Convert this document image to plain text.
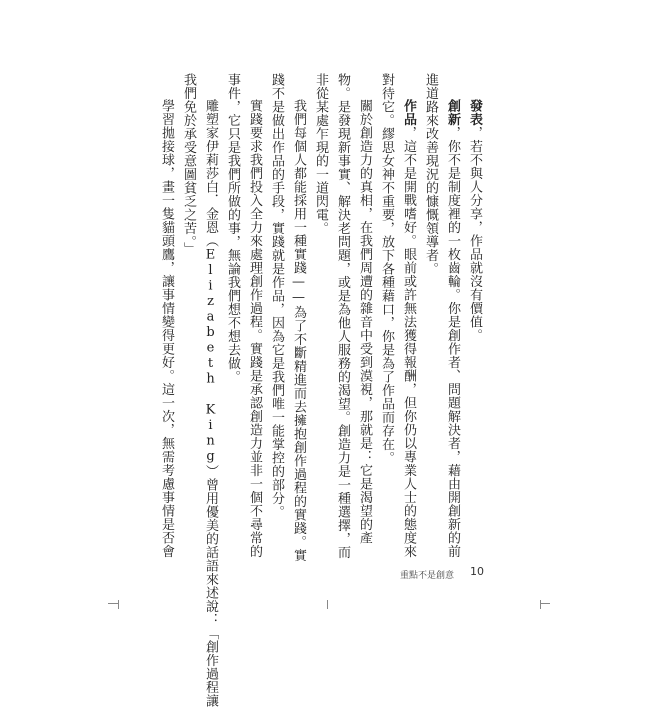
發表，若不與人分享，作品就沒有價值。
創新，你不是制度裡的一枚齒輪。你是創作者、問題解決者，藉由開創新的前
進道路來改善現況的慷慨領導者。
作品，這不是開戰嗜好。眼前或許無法獲得報酬，但你仍以專業人士的態度來
對待它。繆思女神不重要，放下各種藉口，你是為了作品而存在。
關於創造力的真相，在我們周遭的雜音中受到漠視，那就是：它是渴望的產
物。是發現新事實、解決老問題，或是為他人服務的渴望。創造力是一種選擇，而
非從某處乍現的一道閃電。
我們每個人都能採用一種實踐——為了不斷精進而去擁抱創作過程的實踐。實
踐不是做出作品的手段，實踐就是作品，因為它是我們唯一能掌控的部分。
實踐要求我們投入全力來處理創作過程。實踐是承認創造力並非一個不尋常的
事件，它只是我們所做的事，無論我們想不想去做。
雕塑家伊莉莎白．金恩（Elizabeth King）曾用優美的話語來述說：「創作過程讓
我們免於承受意圖貧乏之苦。」
學習拋接球，畫一隻貓頭鷹，讓事情變得更好。這一次，無需考慮事情是否會
重點不是創意 10
